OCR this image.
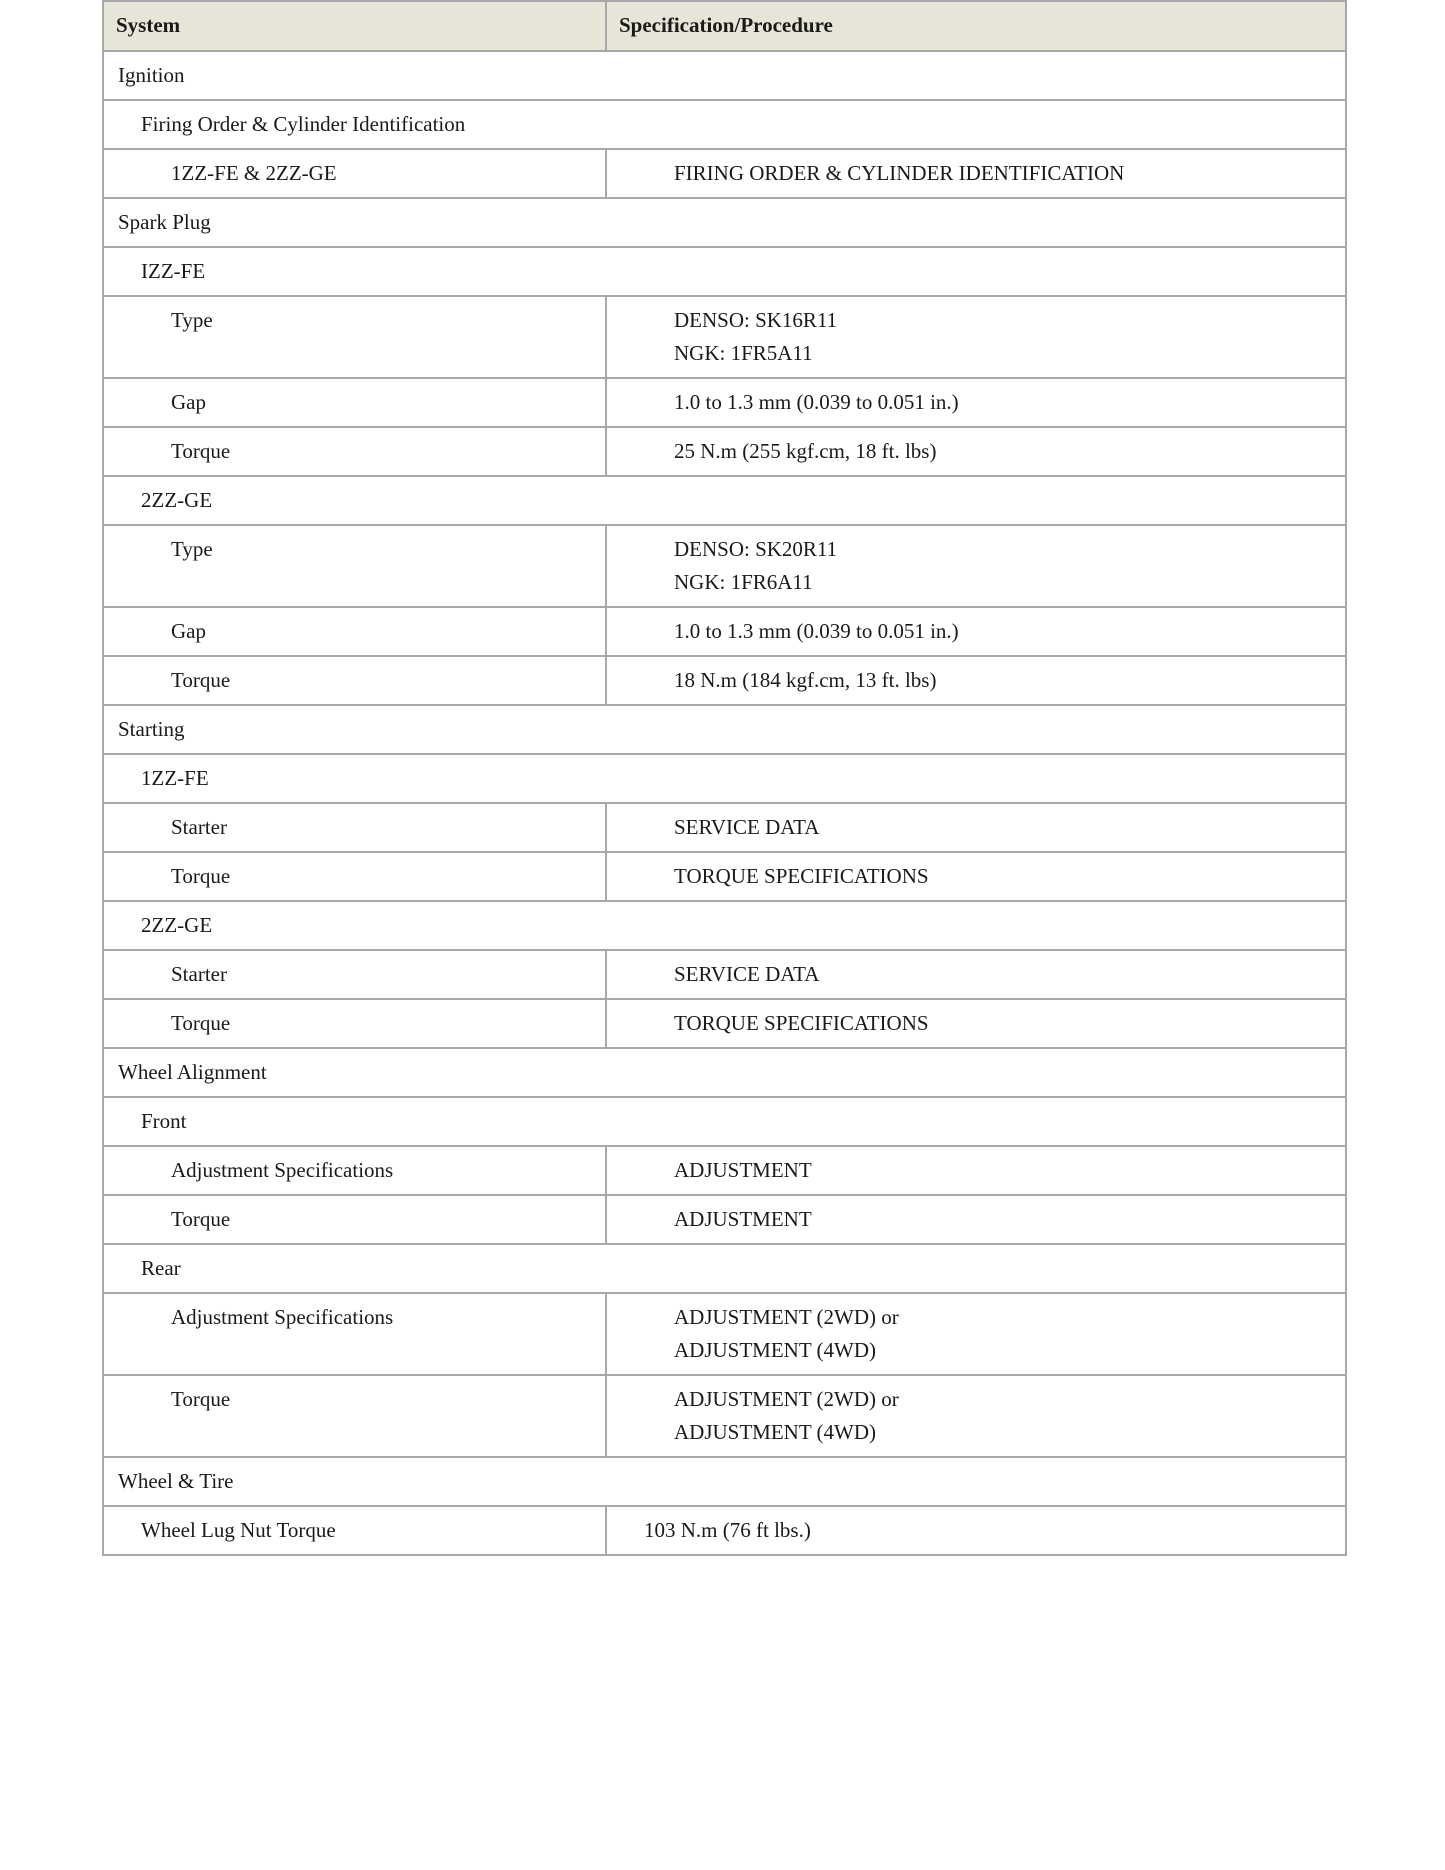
System	Specification/Procedure
Ignition	
Firing Order & Cylinder Identification	
1ZZ-FE & 2ZZ-GE	FIRING ORDER & CYLINDER IDENTIFICATION

Spark Plug	
IZZ-FE	
Type	DENSO: SK16R11
NGK: 1FR5A11

Gap	1.0 to 1.3 mm (0.039 to 0.051 in.)

Torque	25 N.m (255 kgf.cm, 18 ft. lbs)

2ZZ-GE	
Type	DENSO: SK20R11
NGK: 1FR6A11

Gap	1.0 to 1.3 mm (0.039 to 0.051 in.)

Torque	18 N.m (184 kgf.cm, 13 ft. lbs)

Starting	
1ZZ-FE	
Starter	SERVICE DATA

Torque	TORQUE SPECIFICATIONS

2ZZ-GE	
Starter	SERVICE DATA

Torque	TORQUE SPECIFICATIONS

Wheel Alignment	
Front	
Adjustment Specifications	ADJUSTMENT

Torque	ADJUSTMENT

Rear	
Adjustment Specifications	ADJUSTMENT (2WD) or
ADJUSTMENT (4WD)

Torque	ADJUSTMENT (2WD) or
ADJUSTMENT (4WD)

Wheel & Tire	
Wheel Lug Nut Torque	103 N.m (76 ft lbs.)
